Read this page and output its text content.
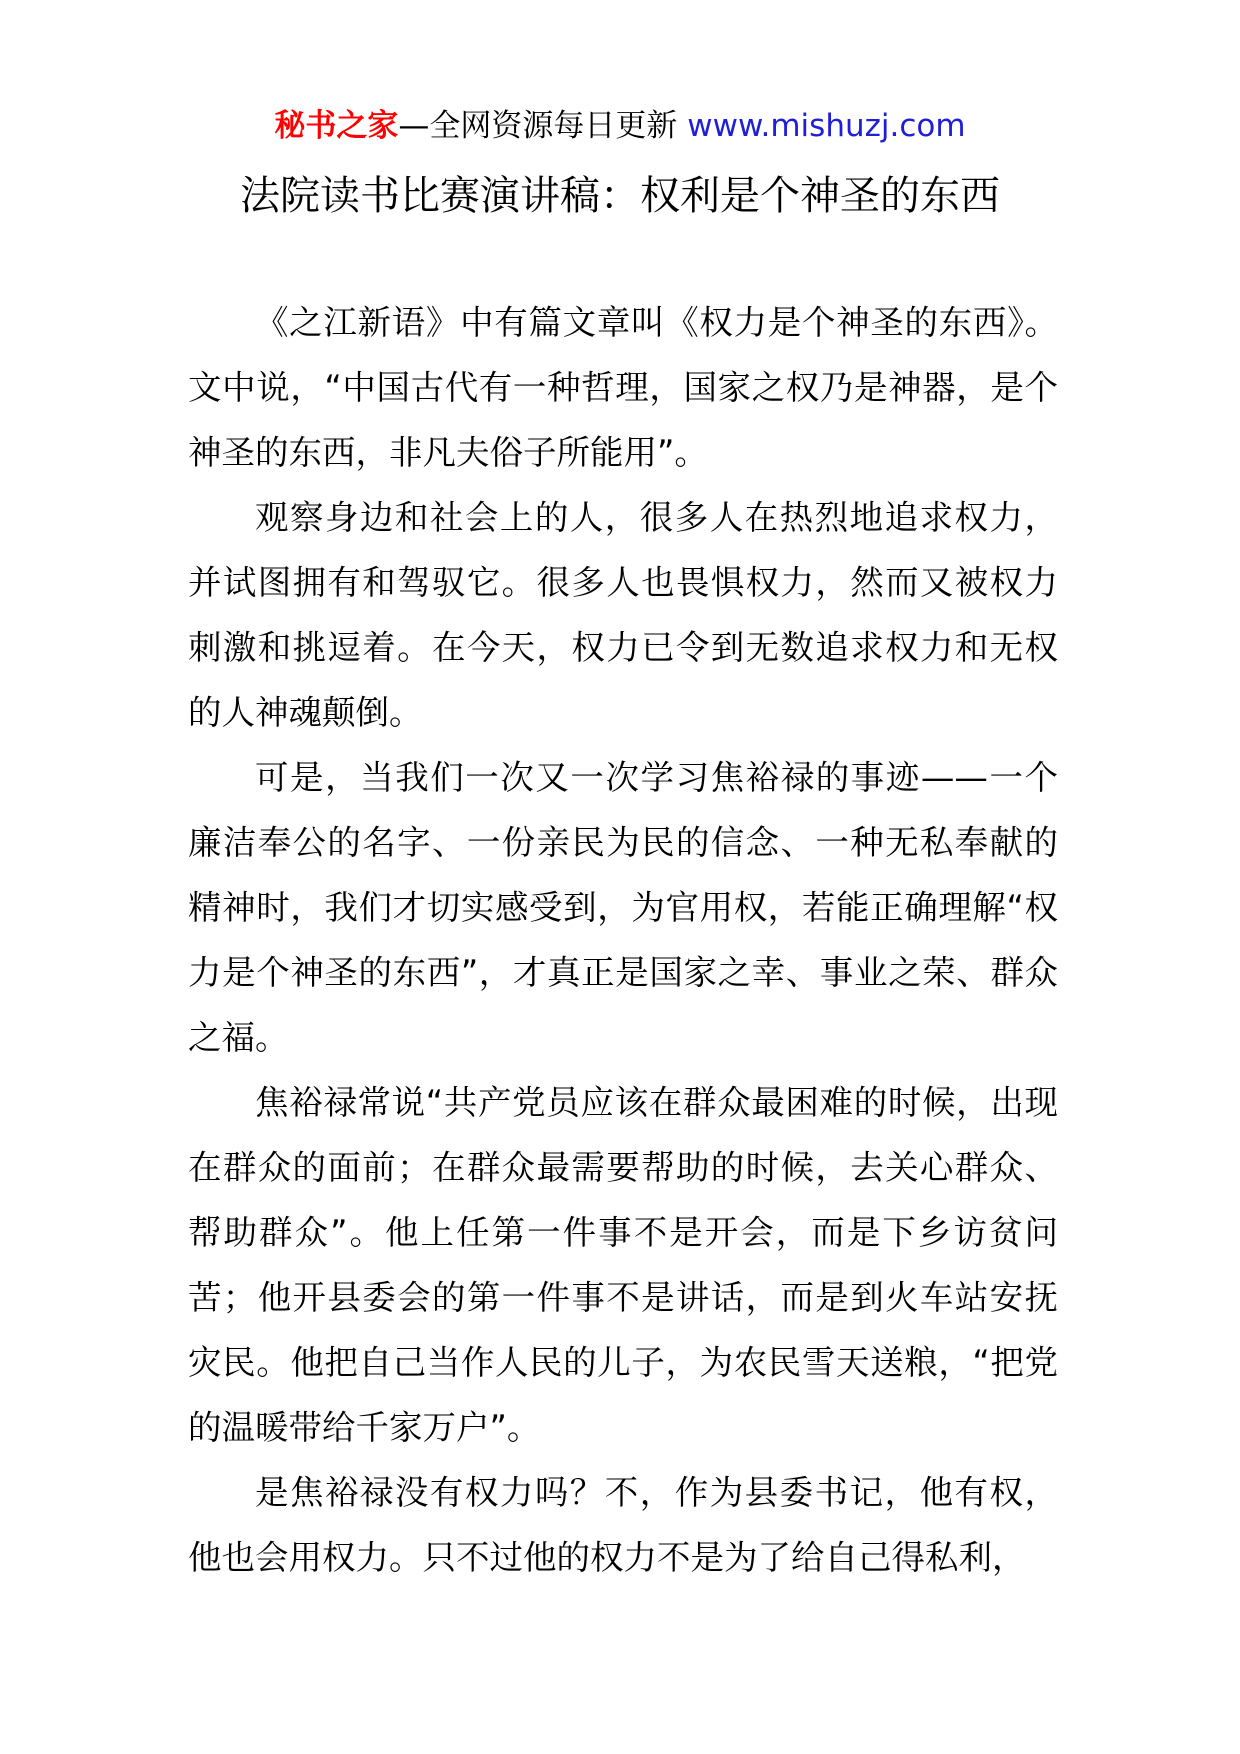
秘书之家—全网资源每日更新 www.mishuzj.com
法院读书比赛演讲稿：权利是个神圣的东西

《之江新语》中有篇文章叫《权力是个神圣的东西》。文中说，“中国古代有一种哲理，国家之权乃是神器，是个神圣的东西，非凡夫俗子所能用”。

观察身边和社会上的人，很多人在热烈地追求权力，并试图拥有和驾驭它。很多人也畏惧权力，然而又被权力刺激和挑逗着。在今天，权力已令到无数追求权力和无权的人神魂颠倒。

可是，当我们一次又一次学习焦裕禄的事迹——一个廉洁奉公的名字、一份亲民为民的信念、一种无私奉献的精神时，我们才切实感受到，为官用权，若能正确理解“权力是个神圣的东西”，才真正是国家之幸、事业之荣、群众之福。

焦裕禄常说“共产党员应该在群众最困难的时候，出现在群众的面前；在群众最需要帮助的时候，去关心群众、帮助群众”。他上任第一件事不是开会，而是下乡访贫问苦；他开县委会的第一件事不是讲话，而是到火车站安抚灾民。他把自己当作人民的儿子，为农民雪天送粮，“把党的温暖带给千家万户”。

是焦裕禄没有权力吗？不，作为县委书记，他有权，他也会用权力。只不过他的权力不是为了给自己得私利，
